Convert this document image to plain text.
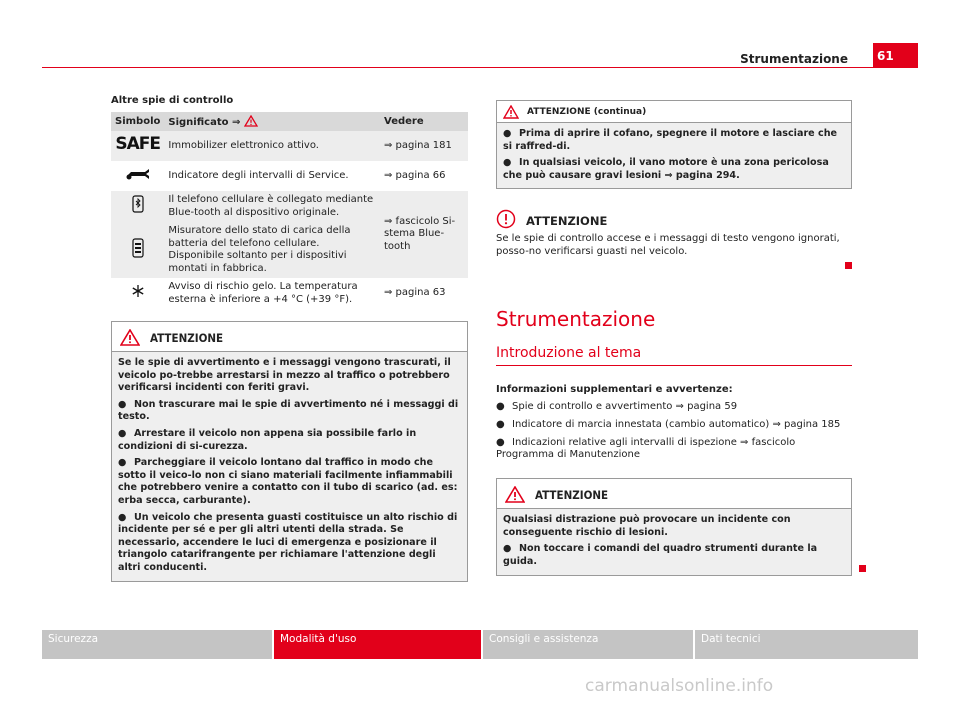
Strumentazione	61
Altre spie di controllo
Simbolo	Significato ⇒	Vedere
SAFE	Immobilizer elettronico attivo.	⇒ pagina 181
	Indicatore degli intervalli di Service.	⇒ pagina 66
	Il telefono cellulare è collegato mediante Blue-tooth al dispositivo originale.	⇒ fascicolo Si-stema Blue-tooth
	Misuratore dello stato di carica della batteria del telefono cellulare. Disponibile soltanto per i dispositivi montati in fabbrica.	
	Avviso di rischio gelo. La temperatura esterna è inferiore a +4 °C (+39 °F).	⇒ pagina 63
ATTENZIONE

Se le spie di avvertimento e i messaggi vengono trascurati, il veicolo po-trebbe arrestarsi in mezzo al traffico o potrebbero verificarsi incidenti con feriti gravi.

● Non trascurare mai le spie di avvertimento né i messaggi di testo.

● Arrestare il veicolo non appena sia possibile farlo in condizioni di si-curezza.

● Parcheggiare il veicolo lontano dal traffico in modo che sotto il veico-lo non ci siano materiali facilmente infiammabili che potrebbero venire a contatto con il tubo di scarico (ad. es: erba secca, carburante).

● Un veicolo che presenta guasti costituisce un alto rischio di incidente per sé e per gli altri utenti della strada. Se necessario, accendere le luci di emergenza e posizionare il triangolo catarifrangente per richiamare l'attenzione degli altri conducenti.

ATTENZIONE (continua)

● Prima di aprire il cofano, spegnere il motore e lasciare che si raffred-di.

● In qualsiasi veicolo, il vano motore è una zona pericolosa che può causare gravi lesioni ⇒ pagina 294.

ATTENZIONE
Se le spie di controllo accese e i messaggi di testo vengono ignorati, posso-no verificarsi guasti nel veicolo.
Strumentazione
Introduzione al tema
Informazioni supplementari e avvertenze:

● Spie di controllo e avvertimento ⇒ pagina 59

● Indicatore di marcia innestata (cambio automatico) ⇒ pagina 185

● Indicazioni relative agli intervalli di ispezione ⇒ fascicolo Programma di Manutenzione

ATTENZIONE

Qualsiasi distrazione può provocare un incidente con conseguente rischio di lesioni.

● Non toccare i comandi del quadro strumenti durante la guida.

Sicurezza	Modalità d'uso	Consigli e assistenza	Dati tecnici
carmanualsonline.info
